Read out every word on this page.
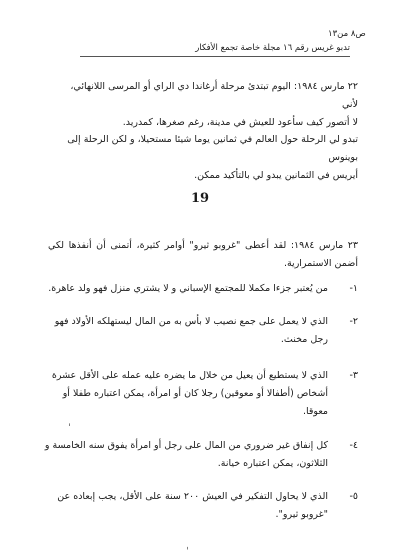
ص٨ من١٣
تدبو غريس رقم ١٦ مجلة خاصة تجمع الأفكار

٢٢ مارس ١٩٨٤: اليوم تبتدئ مرحلة أرغاندا دي الراي أو المرسى اللانهائي، لأني

لا أتصور كيف سأعود للعيش في مدينة، رغم صغرها، كمدريد.

تبدو لي الرحلة حول العالم في ثمانين يوما شيئا مستحيلا، و لكن الرحلة إلى بوينوس

أيريس في الثمانين يبدو لي بالتأكيد ممكن.

19

٢٣ مارس ١٩٨٤: لقد أعطى "غروبو ثيرو" أوامر كثيرة، أتمنى أن أنفذها لكي

أضمن الاستمرارية.

١-
من يُعتبر جزءا مكملا للمجتمع الإسباني و لا يشتري منزل فهو ولد عاهرة.
٢-
الذي لا يعمل على جمع نصيب لا بأس به من المال ليستهلكه الأولاد فهو
رجل مخنث.
٣-
الذي لا يستطيع أن يعيل من خلال ما يضره عليه عمله على الأقل عشرة
أشخاص (أطفالا أو معوقين) رجلا كان أو امرأة، يمكن اعتباره طفلا أو
معوقا.
ˈ
٤-
كل إنفاق غير ضروري من المال على رجل أو امرأة يفوق سنه الخامسة و
الثلاثون، يمكن اعتباره خيانة.
٥-
الذي لا يحاول التفكير في العيش ٢٠٠ سنة على الأقل، يجب إبعاده عن
"غروبو ثيرو".
ˌ
